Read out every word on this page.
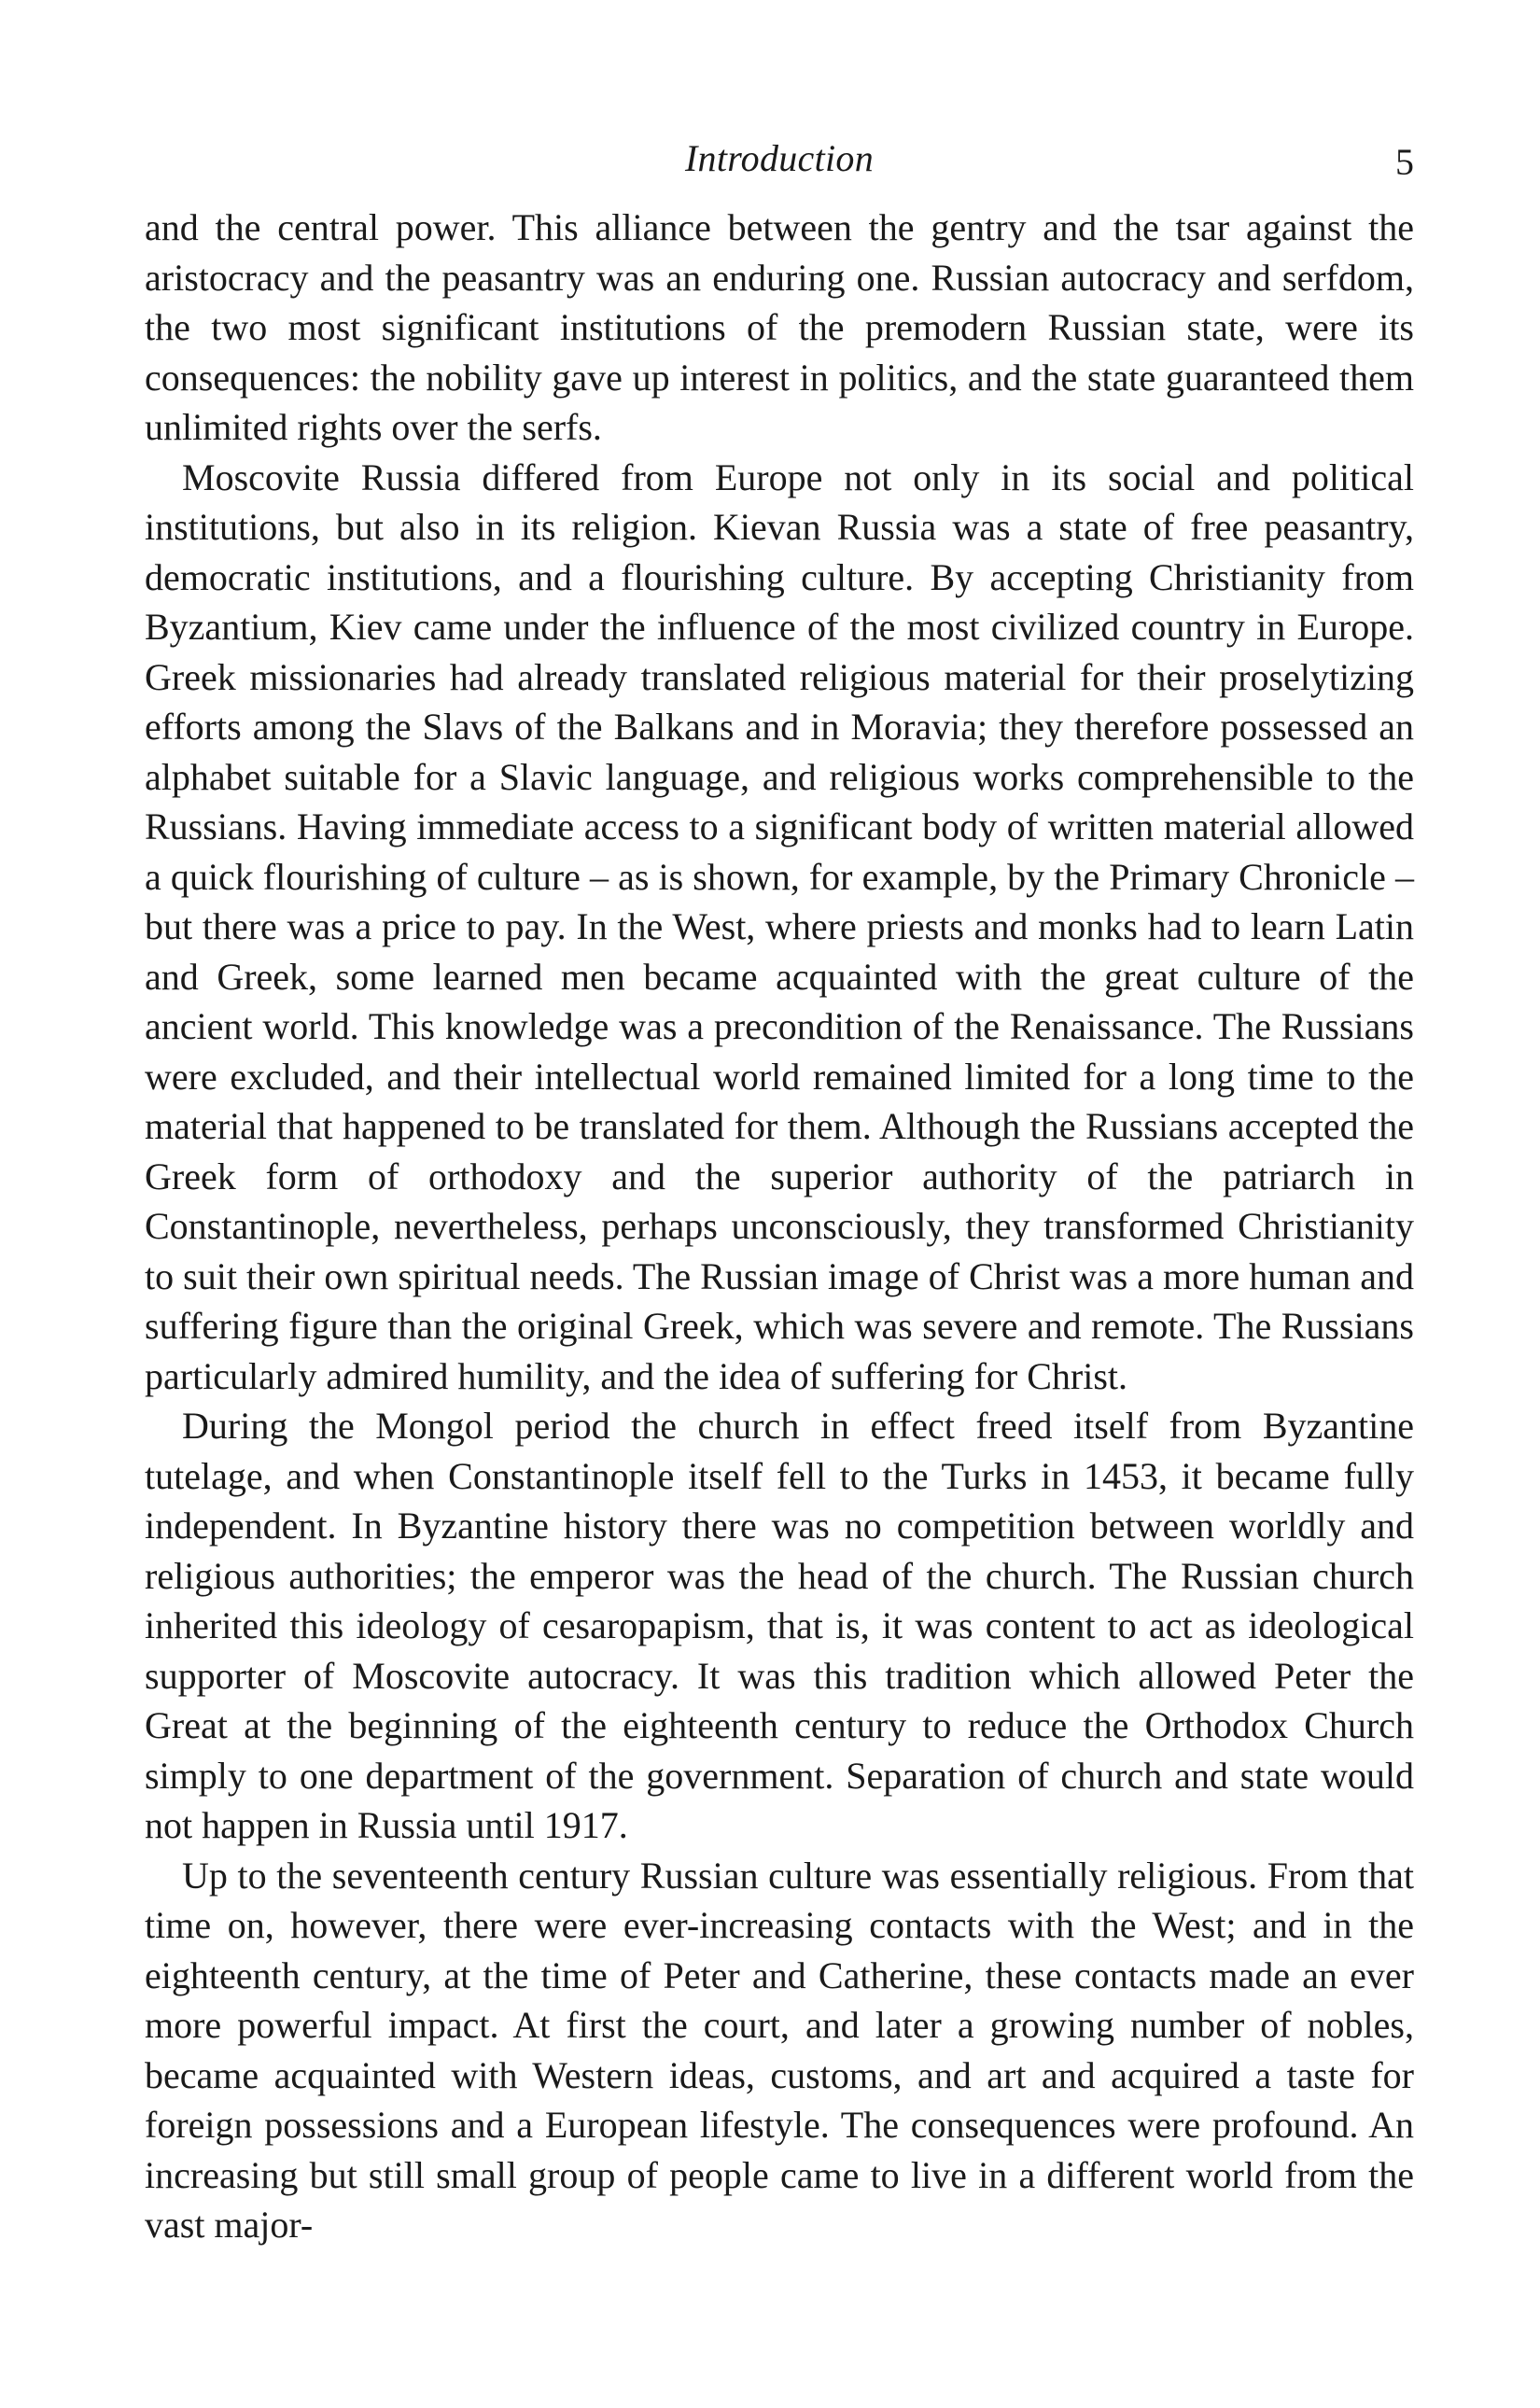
Introduction	5

and the central power. This alliance between the gentry and the tsar against the aristocracy and the peasantry was an enduring one. Russian autocracy and serfdom, the two most significant institutions of the premodern Russian state, were its consequences: the nobility gave up interest in politics, and the state guaranteed them unlimited rights over the serfs.

Moscovite Russia differed from Europe not only in its social and political institutions, but also in its religion. Kievan Russia was a state of free peasantry, democratic institutions, and a flourishing culture. By accepting Christianity from Byzantium, Kiev came under the influence of the most civilized country in Europe. Greek missionaries had already translated religious material for their proselytizing efforts among the Slavs of the Balkans and in Moravia; they therefore possessed an alphabet suitable for a Slavic language, and religious works comprehensible to the Russians. Having immediate access to a significant body of written material allowed a quick flourishing of culture – as is shown, for example, by the Primary Chronicle – but there was a price to pay. In the West, where priests and monks had to learn Latin and Greek, some learned men became acquainted with the great culture of the ancient world. This knowledge was a precondition of the Renaissance. The Russians were excluded, and their intellectual world remained limited for a long time to the material that happened to be translated for them. Although the Russians accepted the Greek form of orthodoxy and the superior authority of the patriarch in Constantinople, nevertheless, perhaps unconsciously, they transformed Christianity to suit their own spiritual needs. The Russian image of Christ was a more human and suffering figure than the original Greek, which was severe and remote. The Russians particularly admired humility, and the idea of suffering for Christ.

During the Mongol period the church in effect freed itself from Byzantine tutelage, and when Constantinople itself fell to the Turks in 1453, it became fully independent. In Byzantine history there was no competition between worldly and religious authorities; the emperor was the head of the church. The Russian church inherited this ideology of cesaropapism, that is, it was content to act as ideological supporter of Moscovite autocracy. It was this tradition which allowed Peter the Great at the beginning of the eighteenth century to reduce the Orthodox Church simply to one department of the government. Separation of church and state would not happen in Russia until 1917.

Up to the seventeenth century Russian culture was essentially religious. From that time on, however, there were ever-increasing contacts with the West; and in the eighteenth century, at the time of Peter and Catherine, these contacts made an ever more powerful impact. At first the court, and later a growing number of nobles, became acquainted with Western ideas, customs, and art and acquired a taste for foreign possessions and a European lifestyle. The consequences were profound. An increasing but still small group of people came to live in a different world from the vast major-
